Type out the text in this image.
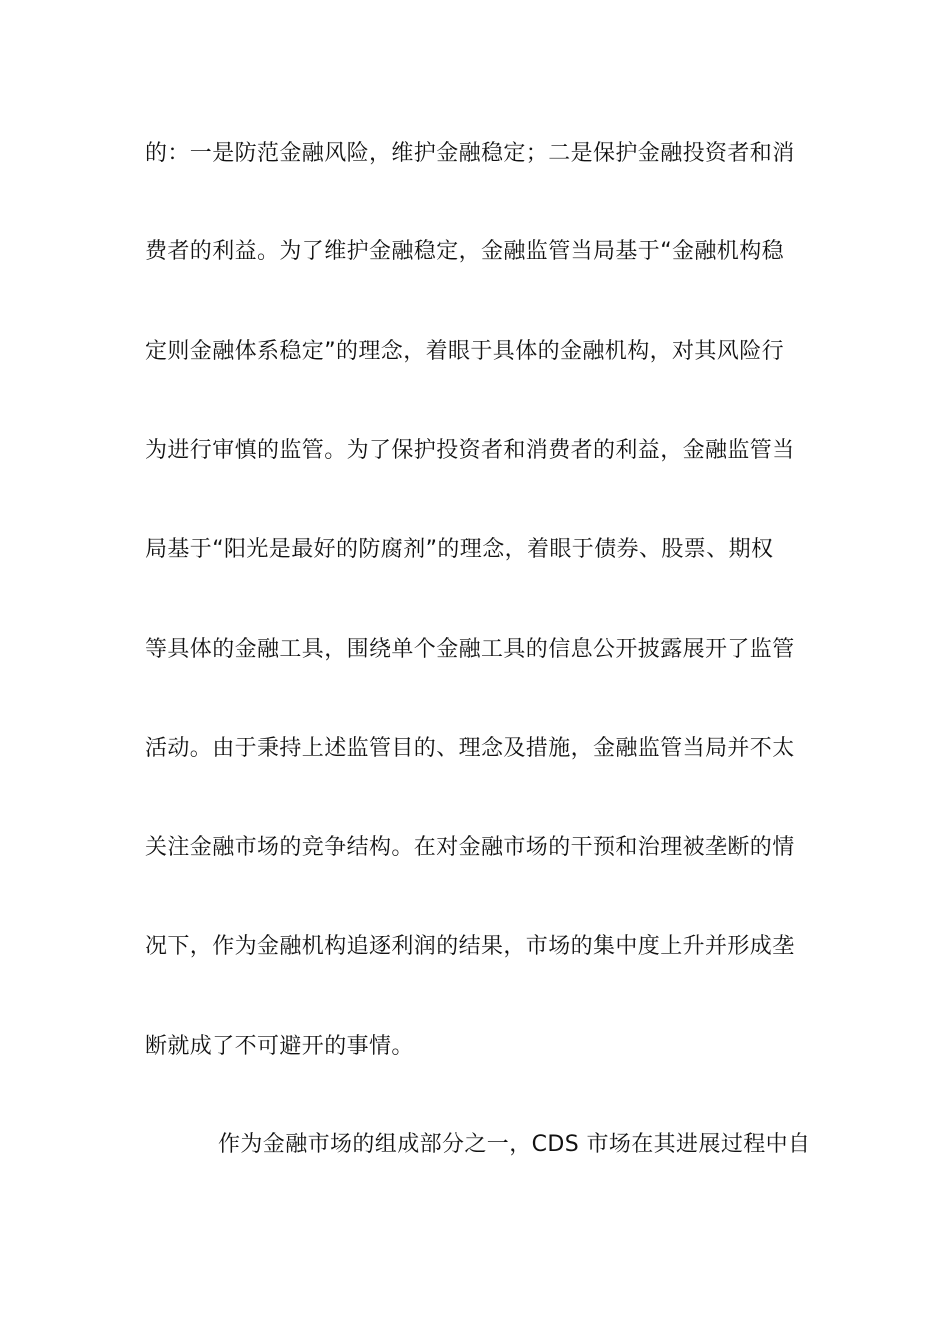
的：一是防范金融风险，维护金融稳定；二是保护金融投资者和消
费者的利益。为了维护金融稳定，金融监管当局基于“金融机构稳
定则金融体系稳定”的理念，着眼于具体的金融机构，对其风险行
为进行审慎的监管。为了保护投资者和消费者的利益，金融监管当
局基于“阳光是最好的防腐剂”的理念，着眼于债券、股票、期权
等具体的金融工具，围绕单个金融工具的信息公开披露展开了监管
活动。由于秉持上述监管目的、理念及措施，金融监管当局并不太
关注金融市场的竞争结构。在对金融市场的干预和治理被垄断的情
况下，作为金融机构追逐利润的结果，市场的集中度上升并形成垄
断就成了不可避开的事情。
作为金融市场的组成部分之一，CDS 市场在其进展过程中自
